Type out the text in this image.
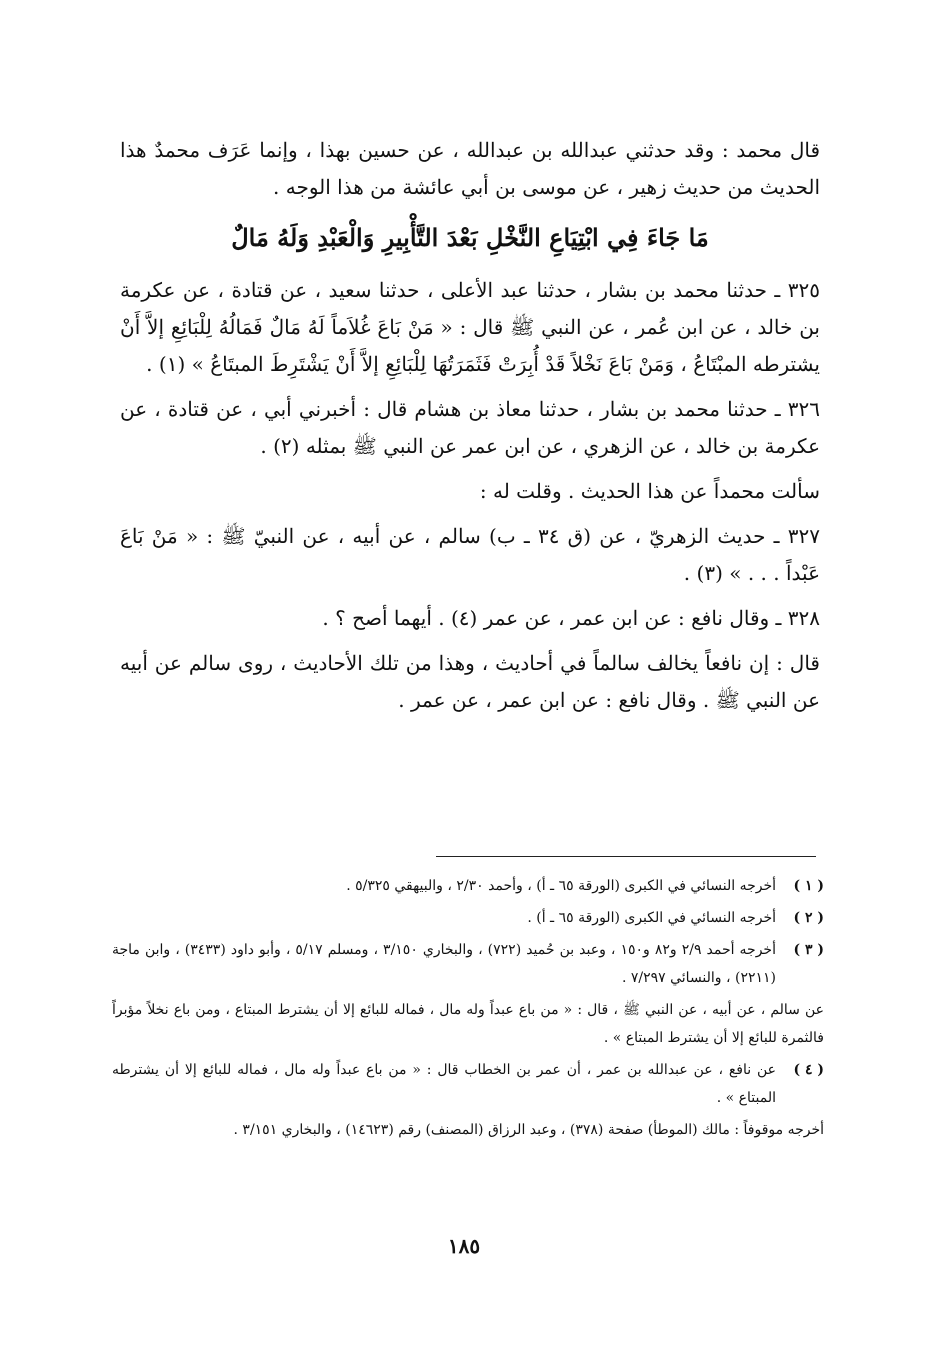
قال محمد : وقد حدثني عبدالله بن عبدالله ، عن حسين بهذا ، وإنما عَرَف محمدٌ هذا الحديث من حديث زهير ، عن موسى بن أبي عائشة من هذا الوجه .

مَا جَاءَ فِي ابْتِيَاعِ النَّخْلِ بَعْدَ التَّأْبِيرِ وَالْعَبْدِ وَلَهُ مَالٌ

٣٢٥ ـ حدثنا محمد بن بشار ، حدثنا عبد الأعلى ، حدثنا سعيد ، عن قتادة ، عن عكرمة بن خالد ، عن ابن عُمر ، عن النبي ﷺ قال : « مَنْ بَاعَ غُلاَماً لَهُ مَالٌ فَمَالُهُ لِلْبَائِعِ إلاَّ أَنْ يشترطه المبْتَاعُ ، وَمَنْ بَاعَ نَخْلاً قَدْ أُبِرَتْ فَثَمَرَتُهَا لِلْبَائِعِ إلاَّ أَنْ يَشْتَرِطَ المبتَاعُ » (١) .

٣٢٦ ـ حدثنا محمد بن بشار ، حدثنا معاذ بن هشام قال : أخبرني أبي ، عن قتادة ، عن عكرمة بن خالد ، عن الزهري ، عن ابن عمر عن النبي ﷺ بمثله (٢) .

سألت محمداً عن هذا الحديث . وقلت له :

٣٢٧ ـ حديث الزهريّ ، عن (ق ٣٤ ـ ب) سالم ، عن أبيه ، عن النبيّ ﷺ : « مَنْ بَاعَ عَبْداً . . . » (٣) .

٣٢٨ ـ وقال نافع : عن ابن عمر ، عن عمر (٤) . أيهما أصح ؟ .

قال : إن نافعاً يخالف سالماً في أحاديث ، وهذا من تلك الأحاديث ، روى سالم عن أبيه عن النبي ﷺ . وقال نافع : عن ابن عمر ، عن عمر .

( ١ )
أخرجه النسائي في الكبرى (الورقة ٦٥ ـ أ) ، وأحمد ٢/٣٠ ، والبيهقي ٥/٣٢٥ .
( ٢ )
أخرجه النسائي في الكبرى (الورقة ٦٥ ـ أ) .
( ٣ )
أخرجه أحمد ٢/٩ و٨٢ و١٥٠ ، وعبد بن حُميد (٧٢٢) ، والبخاري ٣/١٥٠ ، ومسلم ٥/١٧ ، وأبو داود (٣٤٣٣) ، وابن ماجة (٢٢١١) ، والنسائي ٧/٢٩٧ .

عن سالم ، عن أبيه ، عن النبي ﷺ ، قال : « من باع عبداً وله مال ، فماله للبائع إلا أن يشترط المبتاع ، ومن باع نخلاً مؤبراً فالثمرة للبائع إلا أن يشترط المبتاع » .

( ٤ )
عن نافع ، عن عبدالله بن عمر ، أن عمر بن الخطاب قال : « من باع عبداً وله مال ، فماله للبائع إلا أن يشترطه المبتاع » .

أخرجه موقوفاً : مالك (الموطأ) صفحة (٣٧٨) ، وعبد الرزاق (المصنف) رقم (١٤٦٢٣) ، والبخاري ٣/١٥١ .

١٨٥
